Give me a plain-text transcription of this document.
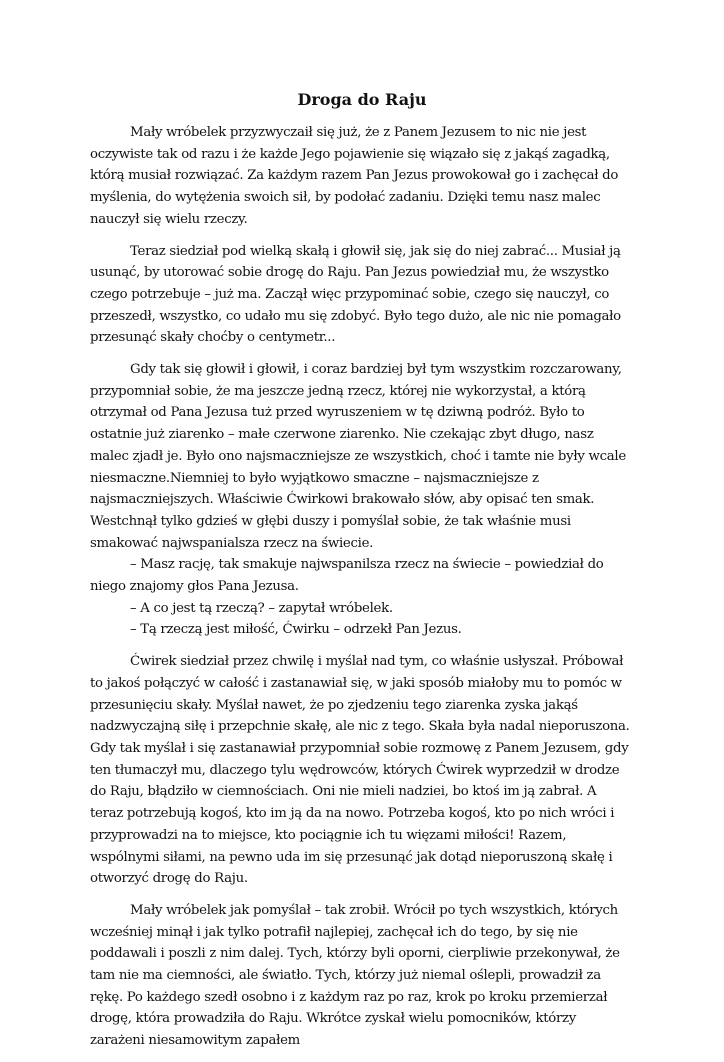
Droga do Raju

Mały wróbelek przyzwyczaił się już, że z Panem Jezusem to nic nie jest oczywiste tak od razu i że każde Jego pojawienie się wiązało się z jakąś zagadką, którą musiał rozwiązać. Za każdym razem Pan Jezus prowokował go i zachęcał do myślenia, do wytężenia swoich sił, by podołać zadaniu. Dzięki temu nasz malec nauczył się wielu rzeczy.

Teraz siedział pod wielką skałą i głowił się, jak się do niej zabrać... Musiał ją usunąć, by utorować sobie drogę do Raju. Pan Jezus powiedział mu, że wszystko czego potrzebuje – już ma. Zaczął więc przypominać sobie, czego się nauczył, co przeszedł, wszystko, co udało mu się zdobyć. Było tego dużo, ale nic nie pomagało przesunąć skały choćby o centymetr...

Gdy tak się głowił i głowił, i coraz bardziej był tym wszystkim rozczarowany, przypomniał sobie, że ma jeszcze jedną rzecz, której nie wykorzystał, a którą otrzymał od Pana Jezusa tuż przed wyruszeniem w tę dziwną podróż. Było to ostatnie już ziarenko – małe czerwone ziarenko. Nie czekając zbyt długo, nasz malec zjadł je. Było ono najsmaczniejsze ze wszystkich, choć i tamte nie były wcale niesmaczne.Niemniej to było wyjątkowo smaczne – najsmaczniejsze z najsmaczniejszych. Właściwie Ćwirkowi brakowało słów, aby opisać ten smak. Westchnął tylko gdzieś w głębi duszy i pomyślał sobie, że tak właśnie musi smakować najwspanialsza rzecz na świecie.

– Masz rację, tak smakuje najwspanilsza rzecz na świecie – powiedział do niego znajomy głos Pana Jezusa.

– A co jest tą rzeczą? – zapytał wróbelek.

– Tą rzeczą jest miłość, Ćwirku – odrzekł Pan Jezus.

Ćwirek siedział przez chwilę i myślał nad tym, co właśnie usłyszał. Próbował to jakoś połączyć w całość i zastanawiał się, w jaki sposób miałoby mu to pomóc w przesunięciu skały. Myślał nawet, że po zjedzeniu tego ziarenka zyska jakąś nadzwyczajną siłę i przepchnie skałę, ale nic z tego. Skała była nadal nieporuszona. Gdy tak myślał i się zastanawiał przypomniał sobie rozmowę z Panem Jezusem, gdy ten tłumaczył mu, dlaczego tylu wędrowców, których Ćwirek wyprzedził w drodze do Raju, błądziło w ciemnościach. Oni nie mieli nadziei, bo ktoś im ją zabrał. A teraz potrzebują kogoś, kto im ją da na nowo. Potrzeba kogoś, kto po nich wróci i przyprowadzi na to miejsce, kto pociągnie ich tu więzami miłości! Razem, wspólnymi siłami, na pewno uda im się przesunąć jak dotąd nieporuszoną skałę i otworzyć drogę do Raju.

Mały wróbelek jak pomyślał – tak zrobił. Wrócił po tych wszystkich, których wcześniej minął i jak tylko potrafił najlepiej, zachęcał ich do tego, by się nie poddawali i poszli z nim dalej. Tych, którzy byli oporni, cierpliwie przekonywał, że tam nie ma ciemności, ale światło. Tych, którzy już niemal oślepli, prowadził za rękę. Po każdego szedł osobno i z każdym raz po raz, krok po kroku przemierzał drogę, która prowadziła do Raju. Wkrótce zyskał wielu pomocników, którzy zarażeni niesamowitym zapałem
